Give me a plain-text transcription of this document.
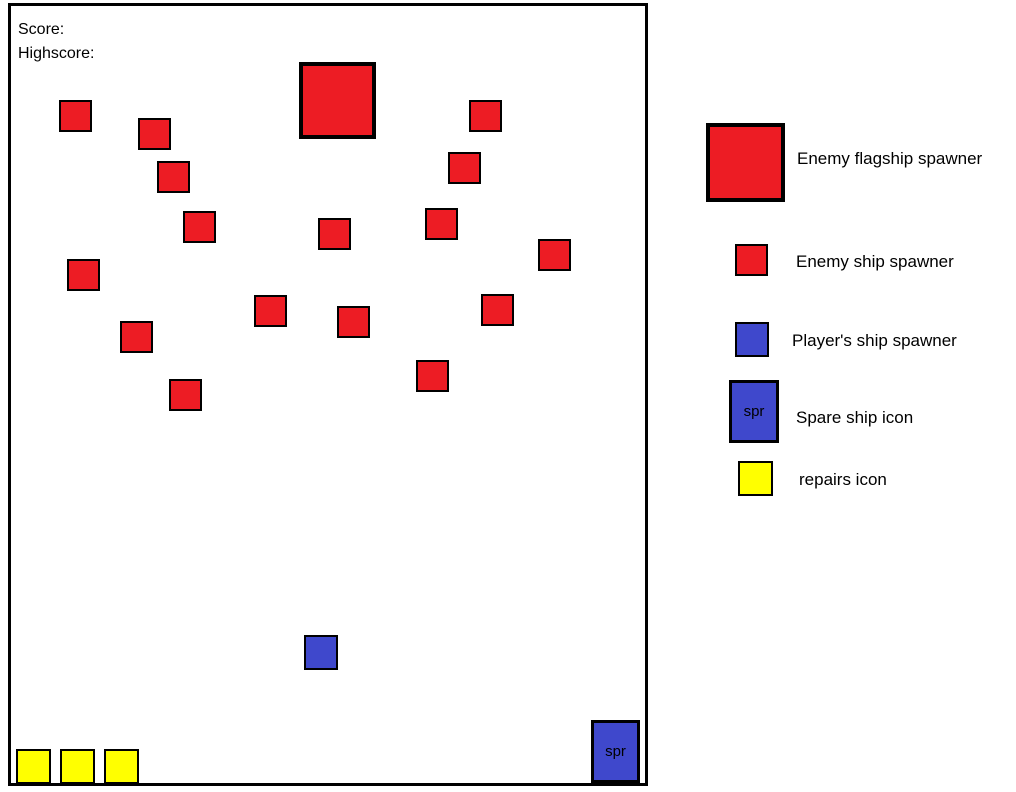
Score:
Highscore:
spr
Enemy flagship spawner
Enemy ship spawner
Player's ship spawner
spr Spare ship icon
repairs icon
